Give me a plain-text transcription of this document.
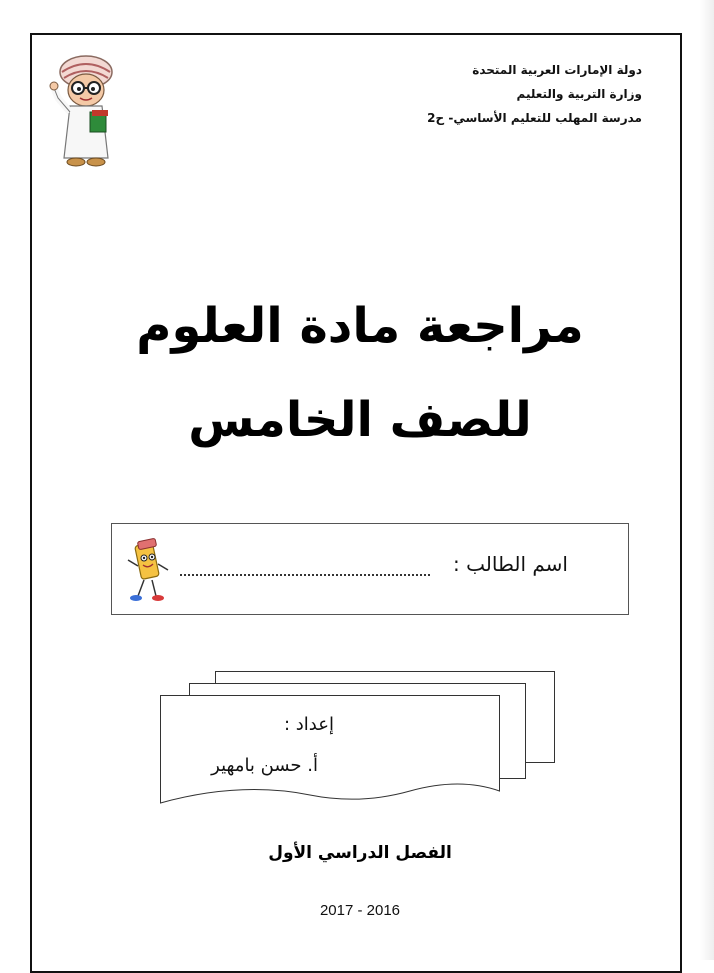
دولة الإمارات العربية المتحدة
وزارة التربية والتعليم
مدرسة المهلب للتعليم الأساسي- ح2
مراجعة مادة العلوم
للصف الخامس
اسم الطالب :
إعداد :
أ. حسن بامهير
الفصل الدراسي الأول
2017 - 2016
